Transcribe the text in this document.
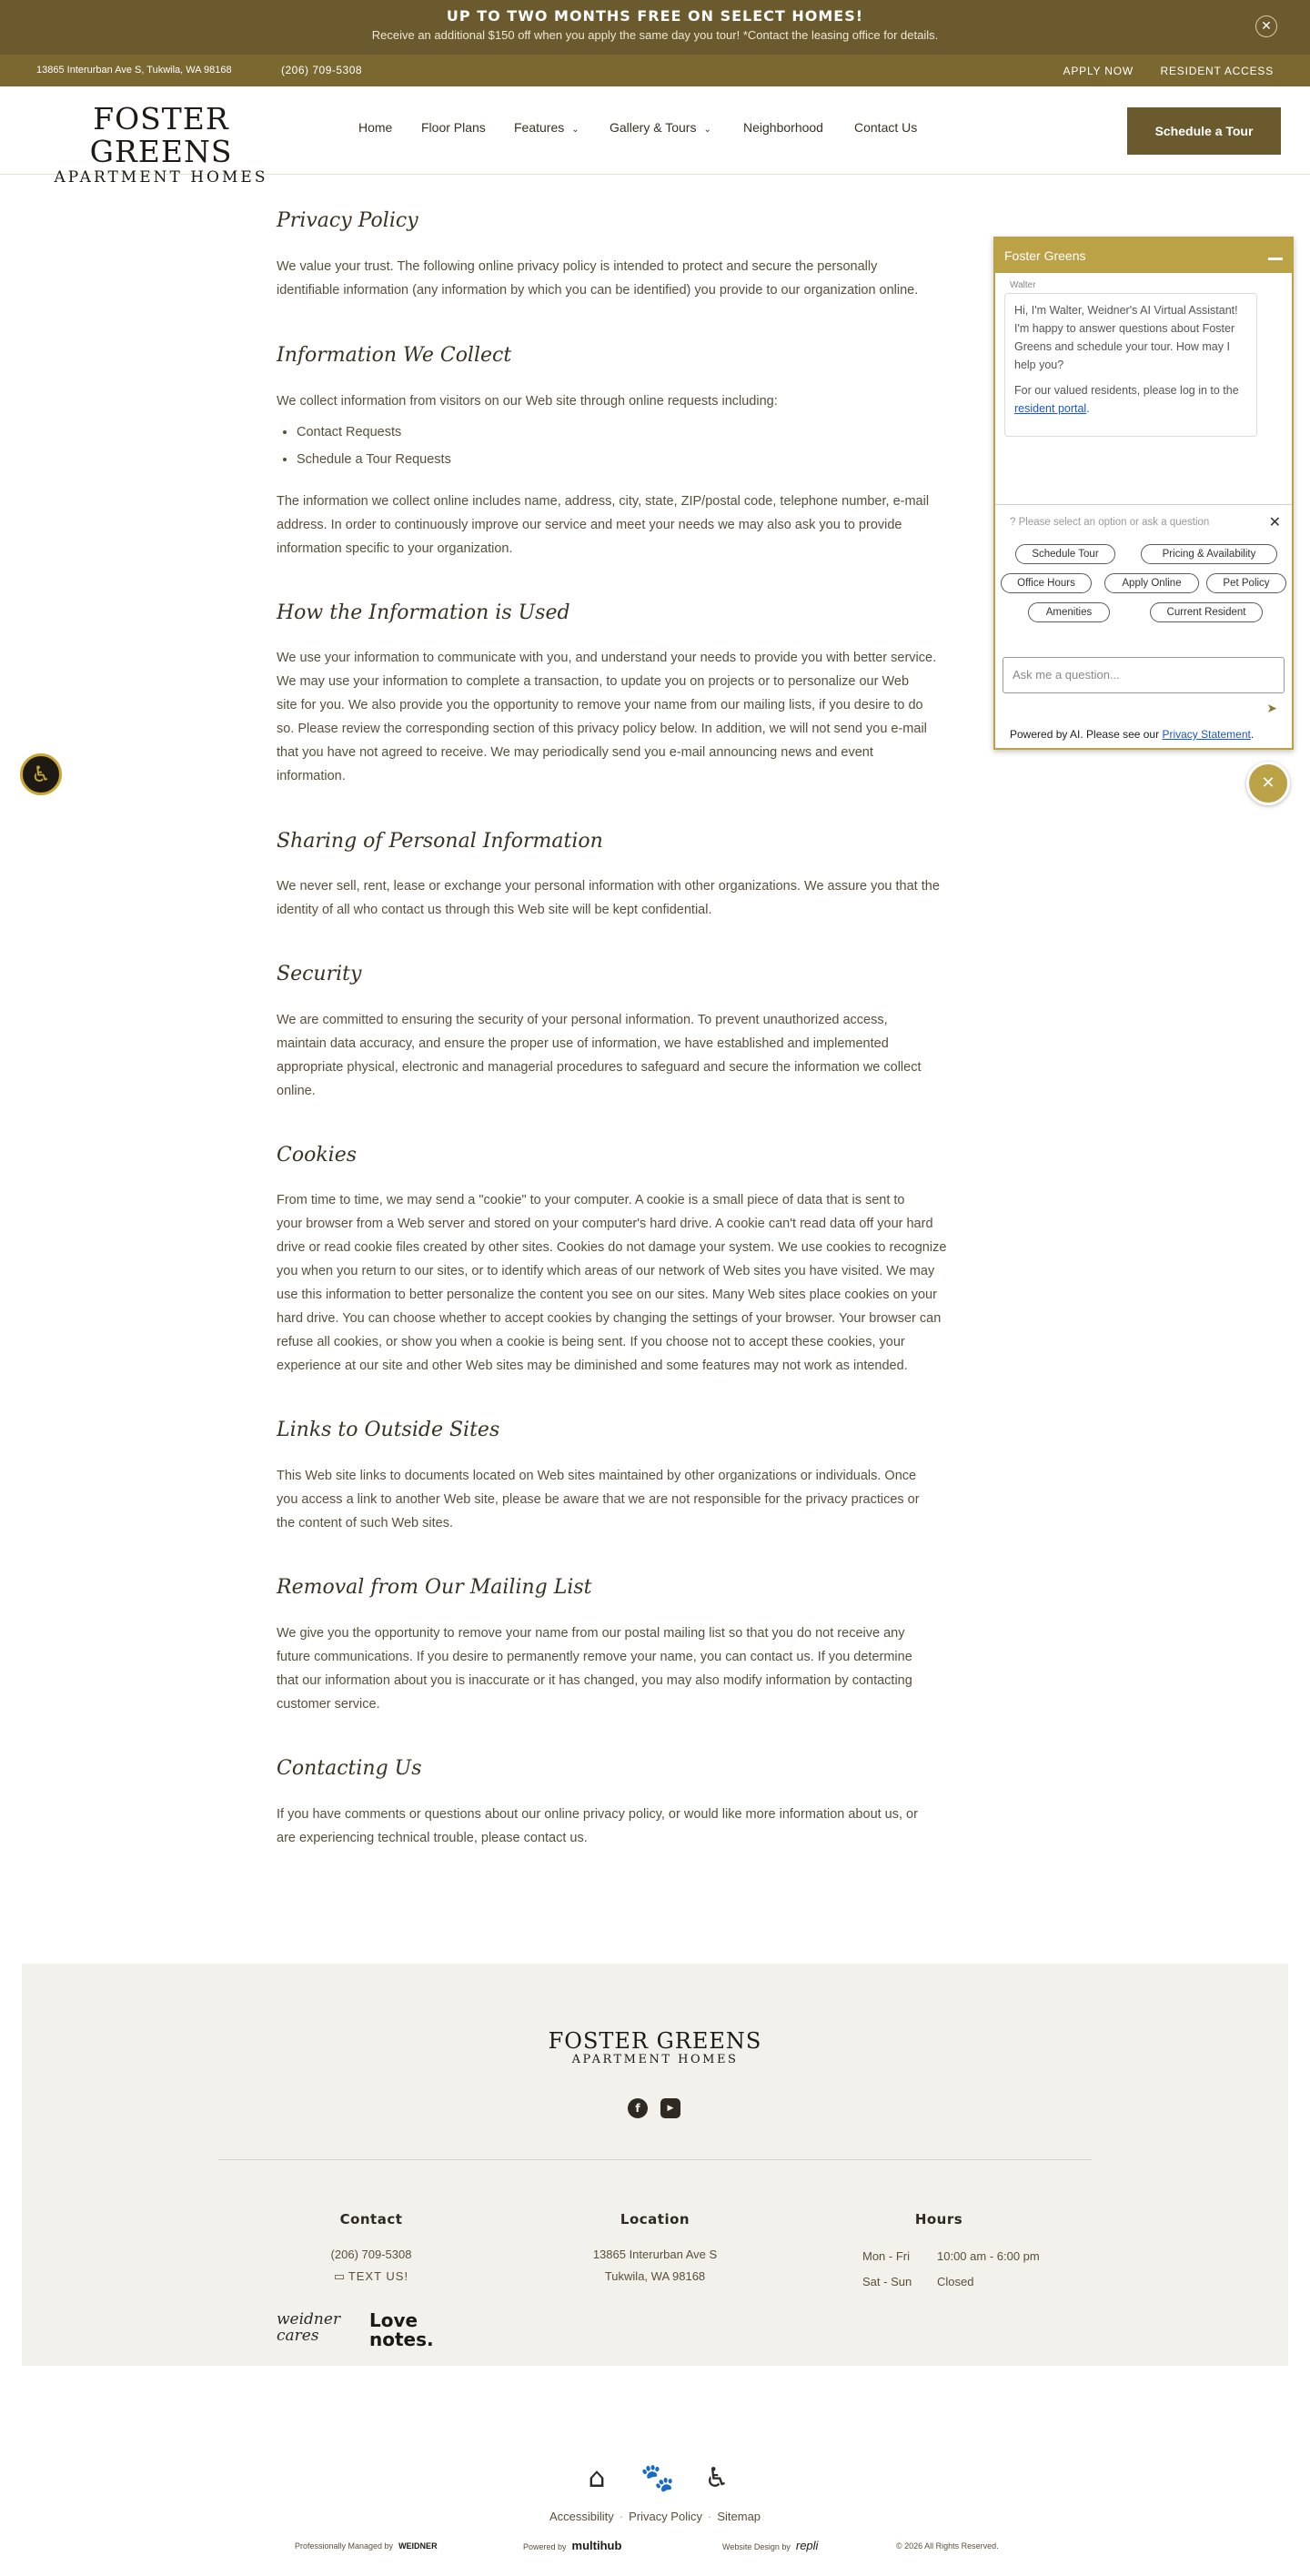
UP TO TWO MONTHS FREE ON SELECT HOMES!
Receive an additional $150 off when you apply the same day you tour! *Contact the leasing office for details.
✕
13865 Interurban Ave S, Tukwila, WA 98168	(206) 709-5308	APPLY NOW RESIDENT ACCESS
FOSTER GREENS
APARTMENT HOMES
Home Floor Plans Features ⌄ Gallery & Tours ⌄	Neighborhood Contact Us	Schedule a Tour
Privacy Policy

We value your trust. The following online privacy policy is intended to protect and secure the personally

identifiable information (any information by which you can be identified) you provide to our organization online.

Information We Collect

We collect information from visitors on our Web site through online requests including:

• Contact Requests
• Schedule a Tour Requests

The information we collect online includes name, address, city, state, ZIP/postal code, telephone number, e-mail

address. In order to continuously improve our service and meet your needs we may also ask you to provide

information specific to your organization.

How the Information is Used

We use your information to communicate with you, and understand your needs to provide you with better service.

We may use your information to complete a transaction, to update you on projects or to personalize our Web

site for you. We also provide you the opportunity to remove your name from our mailing lists, if you desire to do

so. Please review the corresponding section of this privacy policy below. In addition, we will not send you e-mail

that you have not agreed to receive. We may periodically send you e-mail announcing news and event

information.

Sharing of Personal Information

We never sell, rent, lease or exchange your personal information with other organizations. We assure you that the

identity of all who contact us through this Web site will be kept confidential.

Security

We are committed to ensuring the security of your personal information. To prevent unauthorized access,

maintain data accuracy, and ensure the proper use of information, we have established and implemented

appropriate physical, electronic and managerial procedures to safeguard and secure the information we collect

online.

Cookies

From time to time, we may send a "cookie" to your computer. A cookie is a small piece of data that is sent to

your browser from a Web server and stored on your computer's hard drive. A cookie can't read data off your hard

drive or read cookie files created by other sites. Cookies do not damage your system. We use cookies to recognize

you when you return to our sites, or to identify which areas of our network of Web sites you have visited. We may

use this information to better personalize the content you see on our sites. Many Web sites place cookies on your

hard drive. You can choose whether to accept cookies by changing the settings of your browser. Your browser can

refuse all cookies, or show you when a cookie is being sent. If you choose not to accept these cookies, your

experience at our site and other Web sites may be diminished and some features may not work as intended.

Links to Outside Sites

This Web site links to documents located on Web sites maintained by other organizations or individuals. Once

you access a link to another Web site, please be aware that we are not responsible for the privacy practices or

the content of such Web sites.

Removal from Our Mailing List

We give you the opportunity to remove your name from our postal mailing list so that you do not receive any

future communications. If you desire to permanently remove your name, you can contact us. If you determine

that our information about you is inaccurate or it has changed, you may also modify information by contacting

customer service.

Contacting Us

If you have comments or questions about our online privacy policy, or would like more information about us, or

are experiencing technical trouble, please contact us.

FOSTER GREENS
APARTMENT HOMES
f	▶
Contact
(206) 709-5308
▭ TEXT US!
Location
13865 Interurban Ave S
Tukwila, WA 98168
Hours
Mon - Fri 10:00 am - 6:00 pm
Sat - Sun Closed
weidner cares
Love notes.
⌂ 🐾 ♿
Accessibility · Privacy Policy · Sitemap
Professionally Managed by WEIDNER	Powered by multihub	Website Design by repli	© 2026 All Rights Reserved.
♿
Foster Greens
Walter
Hi, I'm Walter, Weidner's AI Virtual Assistant! I'm happy to answer questions about Foster Greens and schedule your tour. How may I help you?
For our valued residents, please log in to the resident portal.
? Please select an option or ask a question	✕
Schedule Tour	Pricing & Availability
Office Hours	Apply Online	Pet Policy
Amenities	Current Resident
Ask me a question...
➤
Powered by AI. Please see our Privacy Statement.
✕
